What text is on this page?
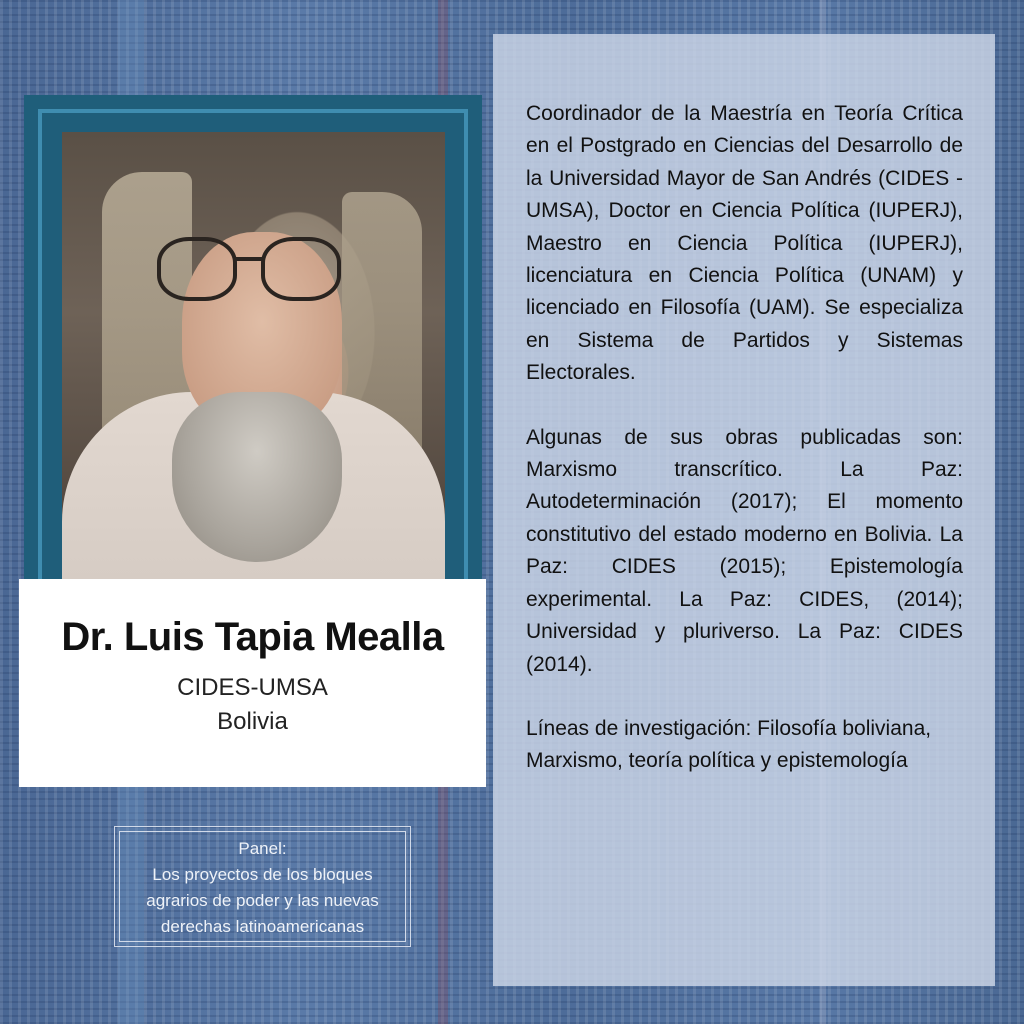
Dr. Luis Tapia Mealla
CIDES-UMSA
Bolivia
Panel:
Los proyectos de los bloques
agrarios de poder y las nuevas
derechas latinoamericanas

Coordinador de la Maestría en Teoría Crítica en el Postgrado en Ciencias del Desarrollo de la Universidad Mayor de San Andrés (CIDES - UMSA), Doctor en Ciencia Política (IUPERJ), Maestro en Ciencia Política (IUPERJ), licenciatura en Ciencia Política (UNAM) y licenciado en Filosofía (UAM). Se especializa en Sistema de Partidos y Sistemas Electorales.

Algunas de sus obras publicadas son: Marxismo transcrítico. La Paz: Autodeterminación (2017); El momento constitutivo del estado moderno en Bolivia. La Paz: CIDES (2015); Epistemología experimental. La Paz: CIDES, (2014); Universidad y pluriverso. La Paz: CIDES (2014).

Líneas de investigación: Filosofía boliviana, Marxismo, teoría política y epistemología
